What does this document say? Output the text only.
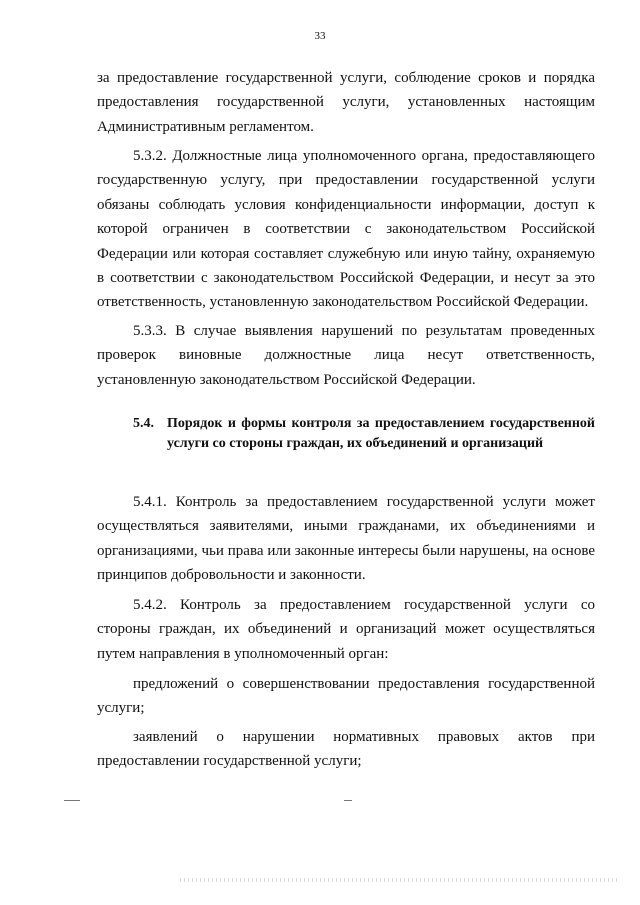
33

за предоставление государственной услуги, соблюдение сроков и порядка предоставления государственной услуги, установленных настоящим Административным регламентом.

5.3.2. Должностные лица уполномоченного органа, предоставляющего государственную услугу, при предоставлении государственной услуги обязаны соблюдать условия конфиденциальности информации, доступ к которой ограничен в соответствии с законодательством Российской Федерации или которая составляет служебную или иную тайну, охраняемую в соответствии с законодательством Российской Федерации, и несут за это ответственность, установленную законодательством Российской Федерации.

5.3.3. В случае выявления нарушений по результатам проведенных проверок виновные должностные лица несут ответственность, установленную законодательством Российской Федерации.

5.4. Порядок и формы контроля за предоставлением государственной услуги со стороны граждан, их объединений и организаций

5.4.1. Контроль за предоставлением государственной услуги может осуществляться заявителями, иными гражданами, их объединениями и организациями, чьи права или законные интересы были нарушены, на основе принципов добровольности и законности.

5.4.2. Контроль за предоставлением государственной услуги со стороны граждан, их объединений и организаций может осуществляться путем направления в уполномоченный орган:

предложений о совершенствовании предоставления государственной услуги;

заявлений о нарушении нормативных правовых актов при предоставлении государственной услуги;
